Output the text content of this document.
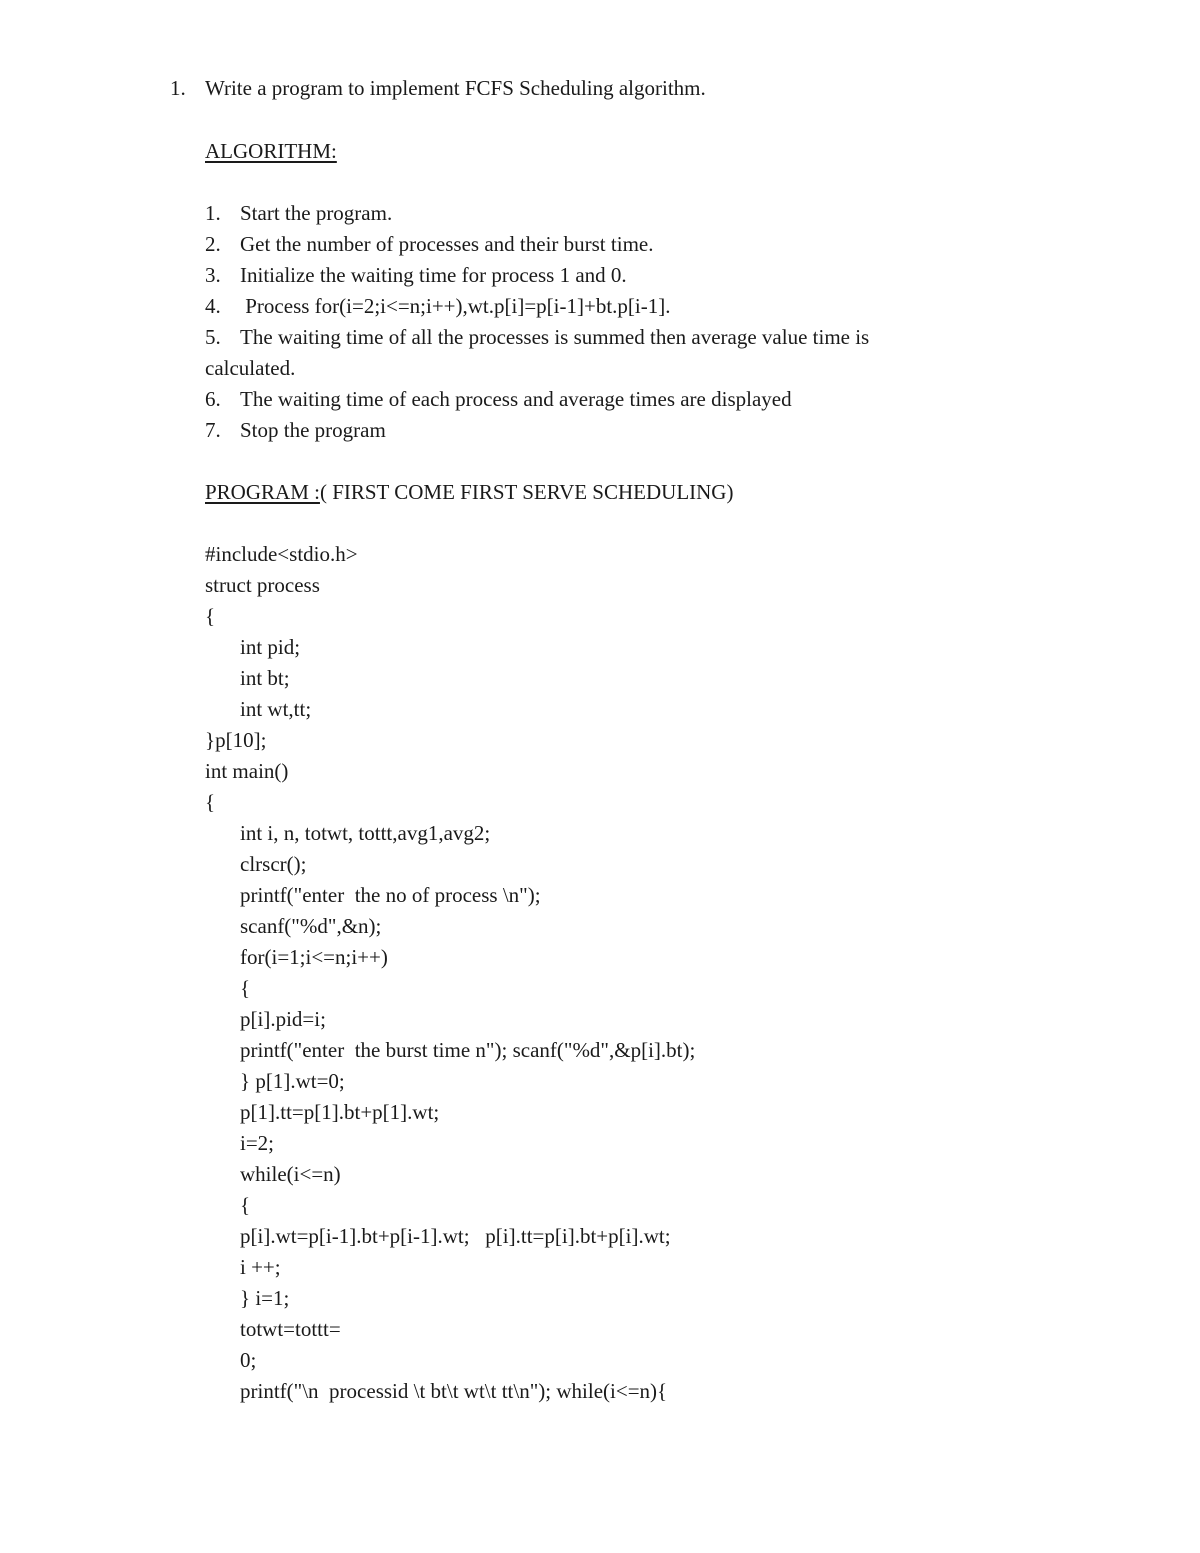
1. Write a program to implement FCFS Scheduling algorithm.
ALGORITHM:
1. Start the program.
2. Get the number of processes and their burst time.
3. Initialize the waiting time for process 1 and 0.
4. Process for(i=2;i<=n;i++),wt.p[i]=p[i-1]+bt.p[i-1].
5. The waiting time of all the processes is summed then average value time is
calculated.
6. The waiting time of each process and average times are displayed
7. Stop the program
PROGRAM :( FIRST COME FIRST SERVE SCHEDULING)
#include<stdio.h>
struct process
{
int pid;
int bt;
int wt,tt;
}p[10];
int main()
{
int i, n, totwt, tottt,avg1,avg2;
clrscr();
printf("enter  the no of process \n");
scanf("%d",&n);
for(i=1;i<=n;i++)
{
p[i].pid=i;
printf("enter  the burst time n"); scanf("%d",&p[i].bt);
} p[1].wt=0;
p[1].tt=p[1].bt+p[1].wt;
i=2;
while(i<=n)
{
p[i].wt=p[i-1].bt+p[i-1].wt;   p[i].tt=p[i].bt+p[i].wt;
i ++;
} i=1;
totwt=tottt=
0;
printf("\n  processid \t bt\t wt\t tt\n"); while(i<=n){
